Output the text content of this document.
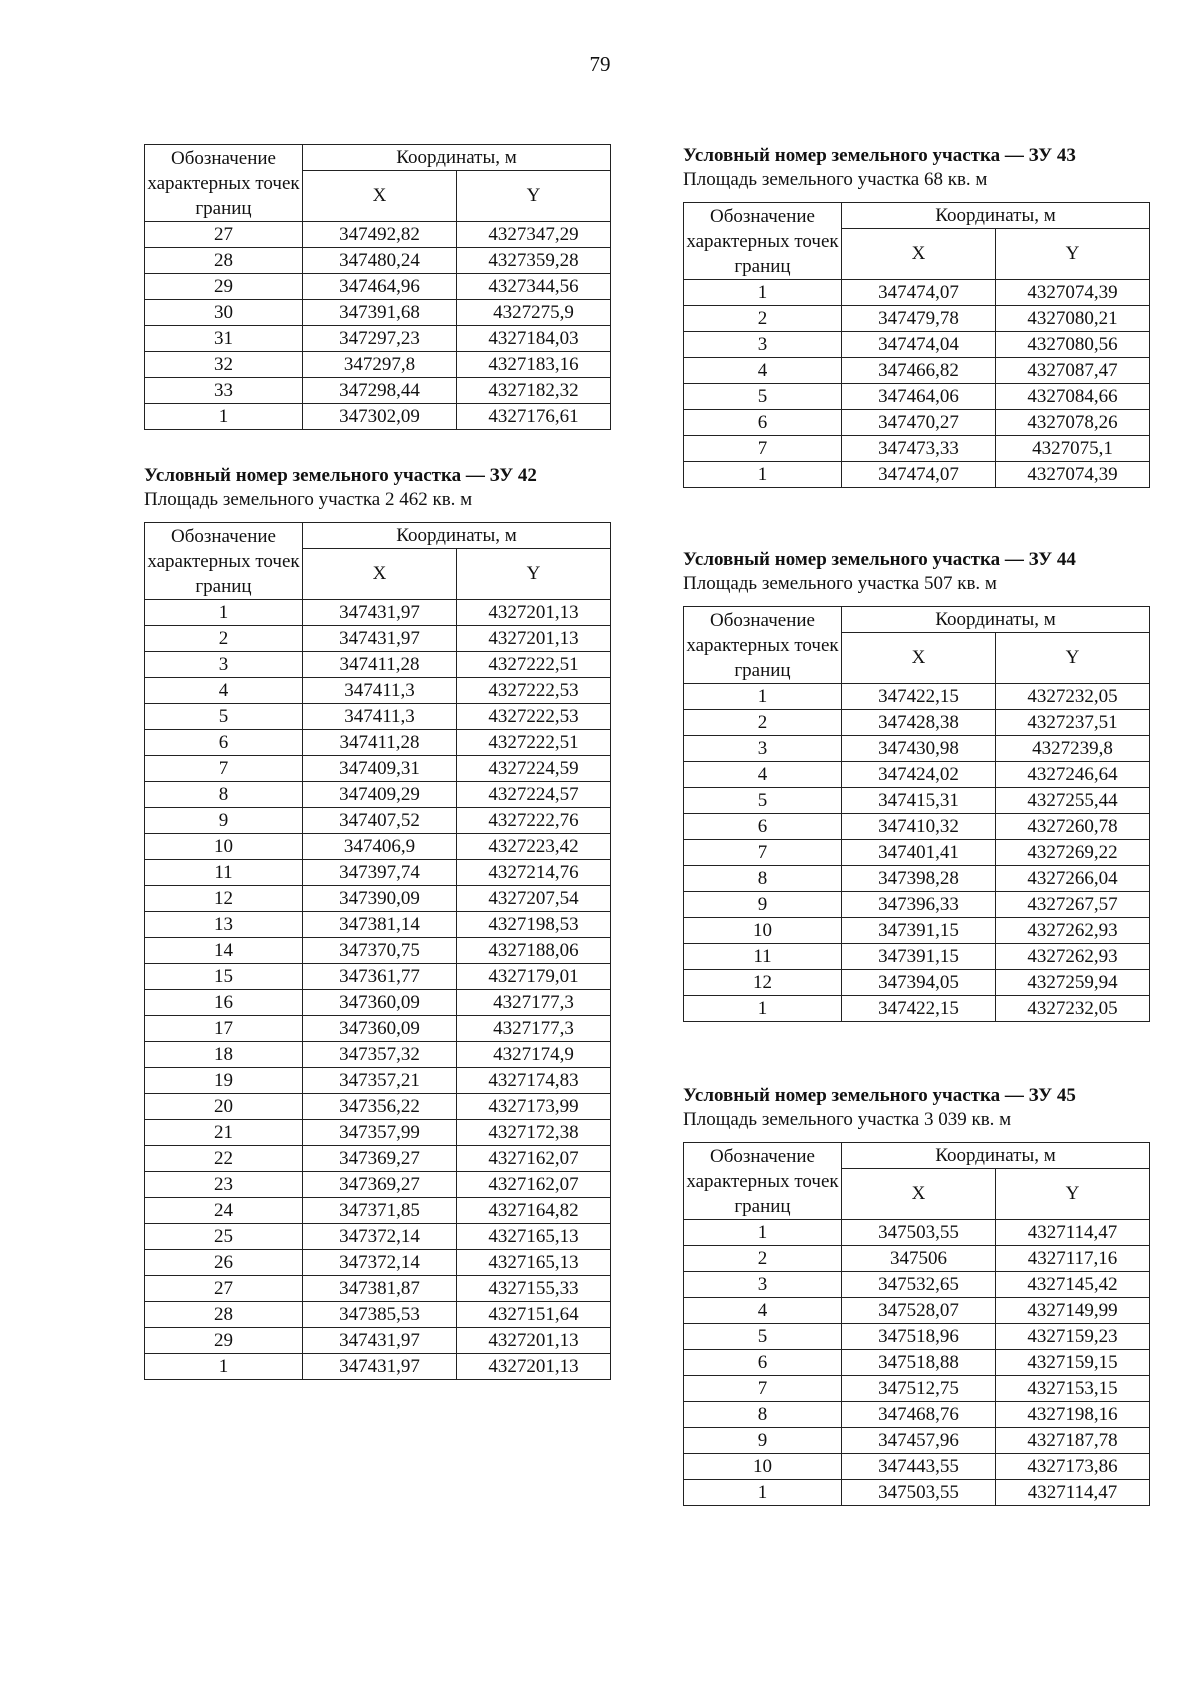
79
Обозначение характерных точек границ	Координаты, м	
	X	Y
27	347492,82	4327347,29
28	347480,24	4327359,28
29	347464,96	4327344,56
30	347391,68	4327275,9
31	347297,23	4327184,03
32	347297,8	4327183,16
33	347298,44	4327182,32
1	347302,09	4327176,61
Условный номер земельного участка — ЗУ 42
Площадь земельного участка 2 462 кв. м
Обозначение характерных точек границ	Координаты, м	
	X	Y
1	347431,97	4327201,13
2	347431,97	4327201,13
3	347411,28	4327222,51
4	347411,3	4327222,53
5	347411,3	4327222,53
6	347411,28	4327222,51
7	347409,31	4327224,59
8	347409,29	4327224,57
9	347407,52	4327222,76
10	347406,9	4327223,42
11	347397,74	4327214,76
12	347390,09	4327207,54
13	347381,14	4327198,53
14	347370,75	4327188,06
15	347361,77	4327179,01
16	347360,09	4327177,3
17	347360,09	4327177,3
18	347357,32	4327174,9
19	347357,21	4327174,83
20	347356,22	4327173,99
21	347357,99	4327172,38
22	347369,27	4327162,07
23	347369,27	4327162,07
24	347371,85	4327164,82
25	347372,14	4327165,13
26	347372,14	4327165,13
27	347381,87	4327155,33
28	347385,53	4327151,64
29	347431,97	4327201,13
1	347431,97	4327201,13
Условный номер земельного участка — ЗУ 43
Площадь земельного участка 68 кв. м
Обозначение характерных точек границ	Координаты, м	
	X	Y
1	347474,07	4327074,39
2	347479,78	4327080,21
3	347474,04	4327080,56
4	347466,82	4327087,47
5	347464,06	4327084,66
6	347470,27	4327078,26
7	347473,33	4327075,1
1	347474,07	4327074,39
Условный номер земельного участка — ЗУ 44
Площадь земельного участка 507 кв. м
Обозначение характерных точек границ	Координаты, м	
	X	Y
1	347422,15	4327232,05
2	347428,38	4327237,51
3	347430,98	4327239,8
4	347424,02	4327246,64
5	347415,31	4327255,44
6	347410,32	4327260,78
7	347401,41	4327269,22
8	347398,28	4327266,04
9	347396,33	4327267,57
10	347391,15	4327262,93
11	347391,15	4327262,93
12	347394,05	4327259,94
1	347422,15	4327232,05
Условный номер земельного участка — ЗУ 45
Площадь земельного участка 3 039 кв. м
Обозначение характерных точек границ	Координаты, м	
	X	Y
1	347503,55	4327114,47
2	347506	4327117,16
3	347532,65	4327145,42
4	347528,07	4327149,99
5	347518,96	4327159,23
6	347518,88	4327159,15
7	347512,75	4327153,15
8	347468,76	4327198,16
9	347457,96	4327187,78
10	347443,55	4327173,86
1	347503,55	4327114,47
